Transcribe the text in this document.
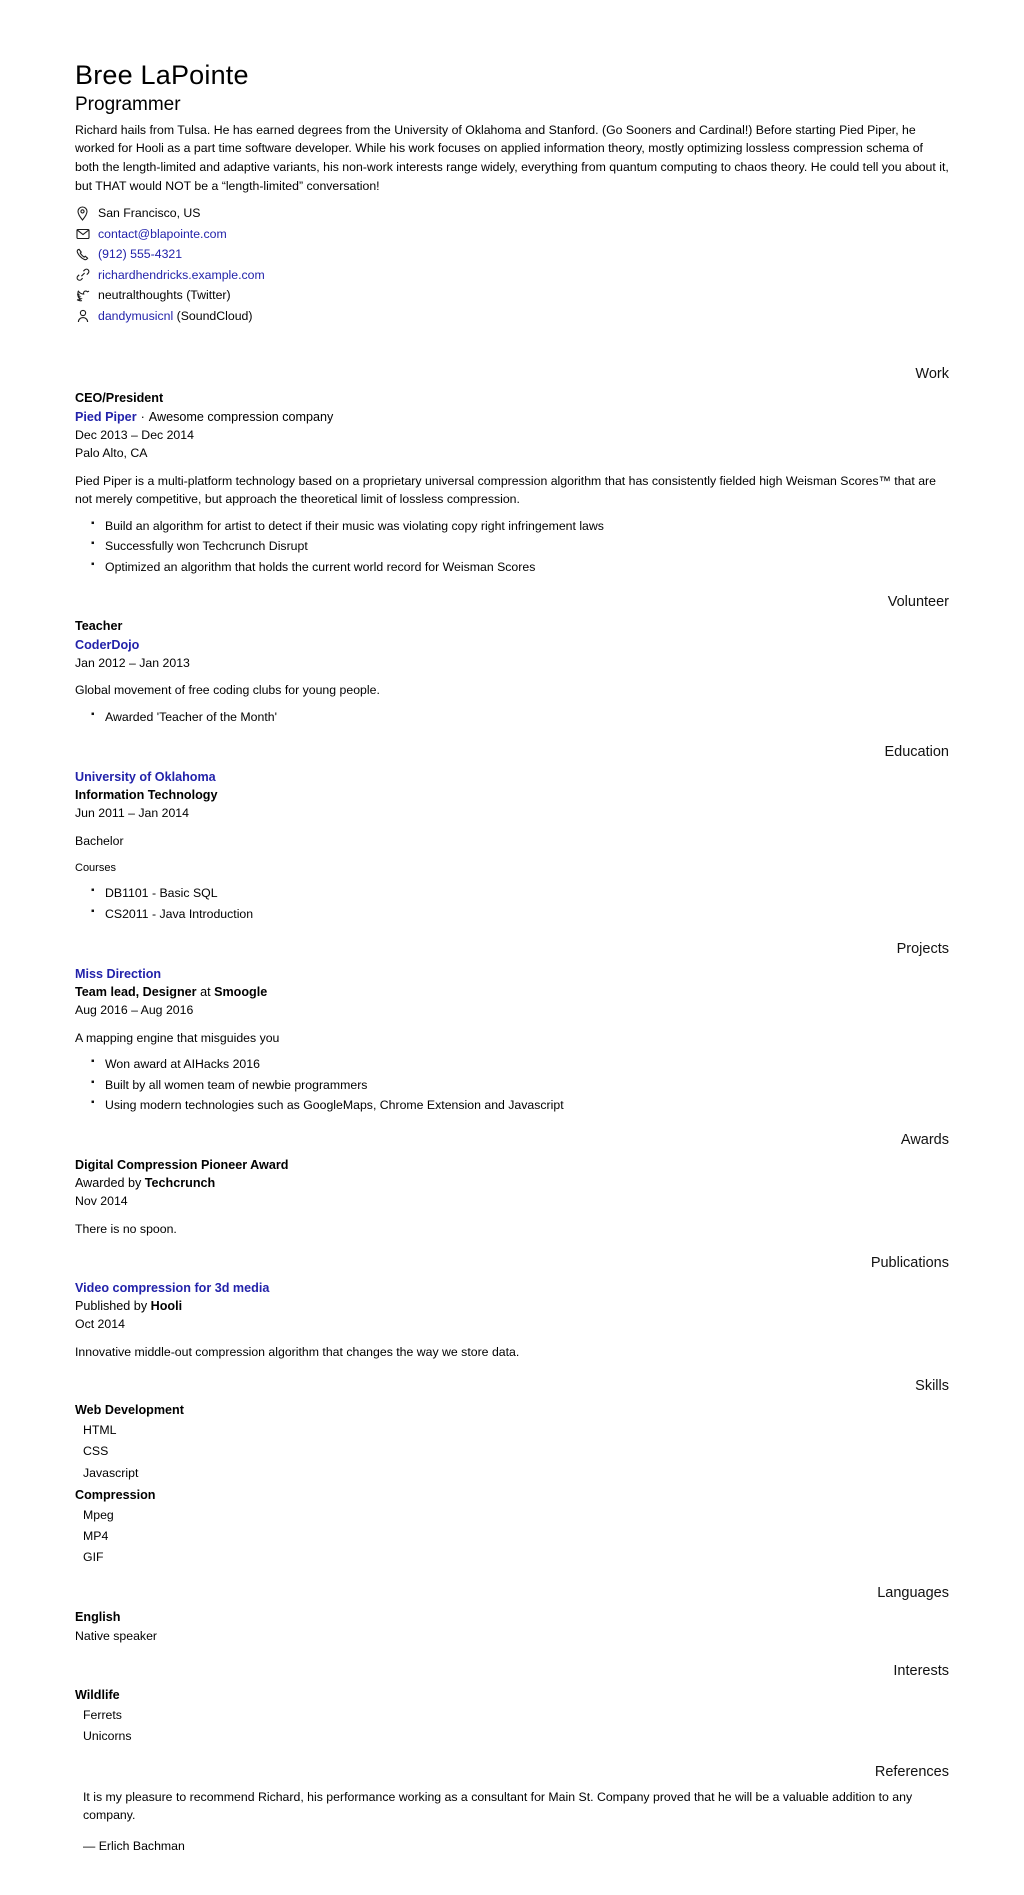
Bree LaPointe
Programmer

Richard hails from Tulsa. He has earned degrees from the University of Oklahoma and Stanford. (Go Sooners and Cardinal!) Before starting Pied Piper, he worked for Hooli as a part time software developer. While his work focuses on applied information theory, mostly optimizing lossless compression schema of both the length-limited and adaptive variants, his non-work interests range widely, everything from quantum computing to chaos theory. He could tell you about it, but THAT would NOT be a “length-limited” conversation!

San Francisco, US
contact@blapointe.com
(912) 555-4321
richardhendricks.example.com
neutralthoughts (Twitter)
dandymusicnl (SoundCloud)
Work
CEO/President
Pied Piper · Awesome compression company
Dec 2013 – Dec 2014
Palo Alto, CA
Pied Piper is a multi-platform technology based on a proprietary universal compression algorithm that has consistently fielded high Weisman Scores™ that are not merely competitive, but approach the theoretical limit of lossless compression.
▪ Build an algorithm for artist to detect if their music was violating copy right infringement laws
▪ Successfully won Techcrunch Disrupt
▪ Optimized an algorithm that holds the current world record for Weisman Scores
Volunteer
Teacher
CoderDojo
Jan 2012 – Jan 2013
Global movement of free coding clubs for young people.
▪ Awarded 'Teacher of the Month'
Education
University of Oklahoma
Information Technology
Jun 2011 – Jan 2014
Bachelor
Courses
▪ DB1101 - Basic SQL
▪ CS2011 - Java Introduction
Projects
Miss Direction
Team lead, Designer at Smoogle
Aug 2016 – Aug 2016
A mapping engine that misguides you
▪ Won award at AIHacks 2016
▪ Built by all women team of newbie programmers
▪ Using modern technologies such as GoogleMaps, Chrome Extension and Javascript
Awards
Digital Compression Pioneer Award
Awarded by Techcrunch
Nov 2014
There is no spoon.
Publications
Video compression for 3d media
Published by Hooli
Oct 2014
Innovative middle-out compression algorithm that changes the way we store data.
Skills
Web Development
HTML
CSS
Javascript
Compression
Mpeg
MP4
GIF
Languages
English
Native speaker
Interests
Wildlife
Ferrets
Unicorns
References
It is my pleasure to recommend Richard, his performance working as a consultant for Main St. Company proved that he will be a valuable addition to any company.
— Erlich Bachman
